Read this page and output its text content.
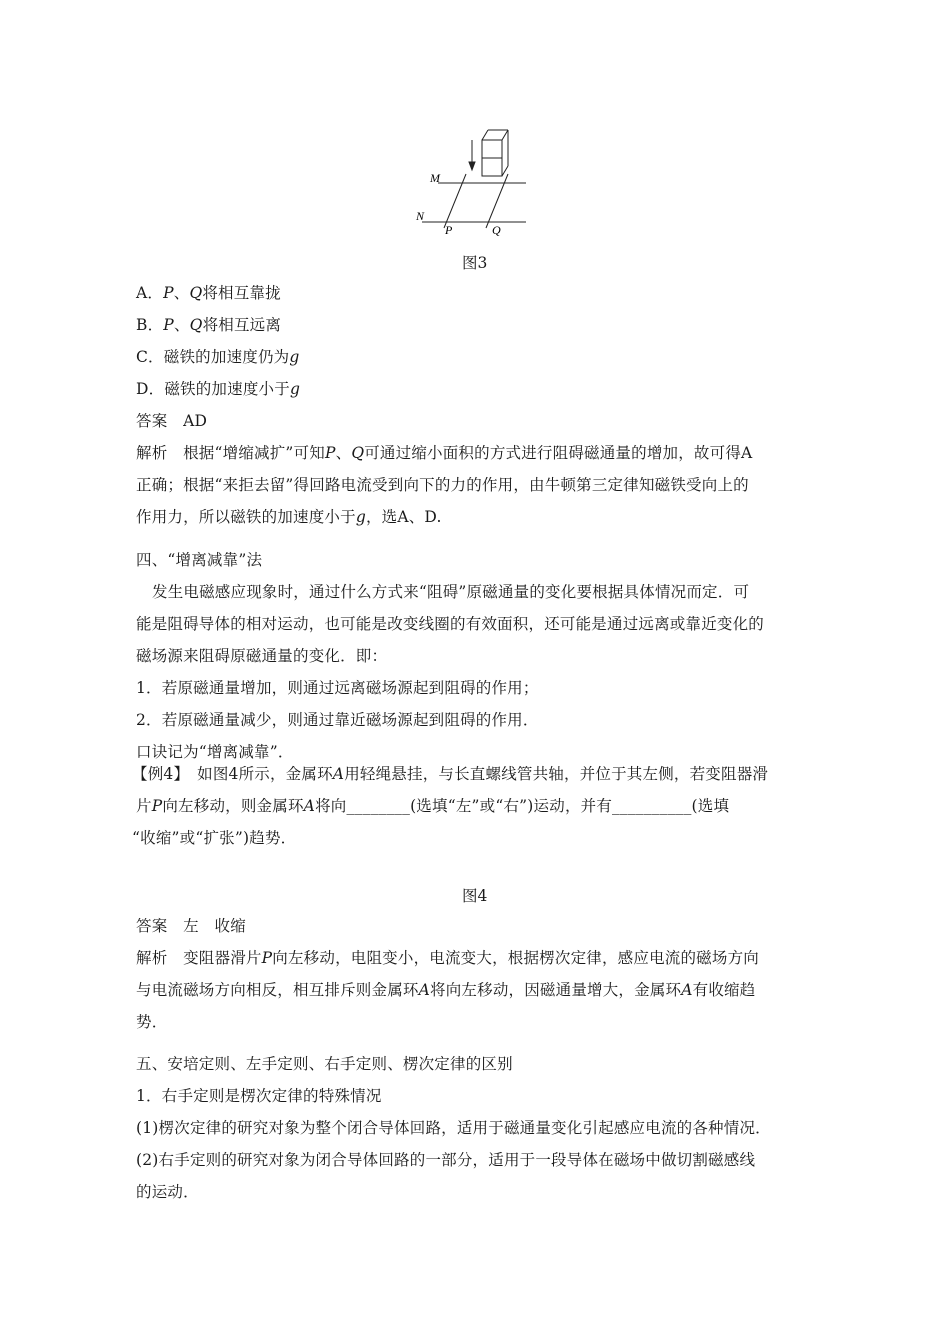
M
N
P	Q
图3
A．P、Q将相互靠拢
B．P、Q将相互远离
C．磁铁的加速度仍为g
D．磁铁的加速度小于g
答案　 AD
解析　 根据“增缩减扩”可知P、Q可通过缩小面积的方式进行阻碍磁通量的增加，故可得A
正确；根据“来拒去留”得回路电流受到向下的力的作用，由牛顿第三定律知磁铁受向上的
作用力，所以磁铁的加速度小于g，选A、D.
四、“增离减靠”法
发生电磁感应现象时，通过什么方式来“阻碍”原磁通量的变化要根据具体情况而定．可
能是阻碍导体的相对运动，也可能是改变线圈的有效面积，还可能是通过远离或靠近变化的
磁场源来阻碍原磁通量的变化．即：
1．若原磁通量增加，则通过远离磁场源起到阻碍的作用；
2．若原磁通量减少，则通过靠近磁场源起到阻碍的作用．
口诀记为“增离减靠”．
【例4】　 如图4所示，金属环A用轻绳悬挂，与长直螺线管共轴，并位于其左侧，若变阻器滑
片P向左移动，则金属环A将向________(选填“左”或“右”)运动，并有__________(选填
“收缩”或“扩张”)趋势．
图4
答案　 左　收缩
解析　 变阻器滑片P向左移动，电阻变小，电流变大，根据楞次定律，感应电流的磁场方向
与电流磁场方向相反，相互排斥则金属环A将向左移动，因磁通量增大，金属环A有收缩趋
势．
五、安培定则、左手定则、右手定则、楞次定律的区别
1．右手定则是楞次定律的特殊情况
(1)楞次定律的研究对象为整个闭合导体回路，适用于磁通量变化引起感应电流的各种情况．
(2)右手定则的研究对象为闭合导体回路的一部分，适用于一段导体在磁场中做切割磁感线
的运动．
